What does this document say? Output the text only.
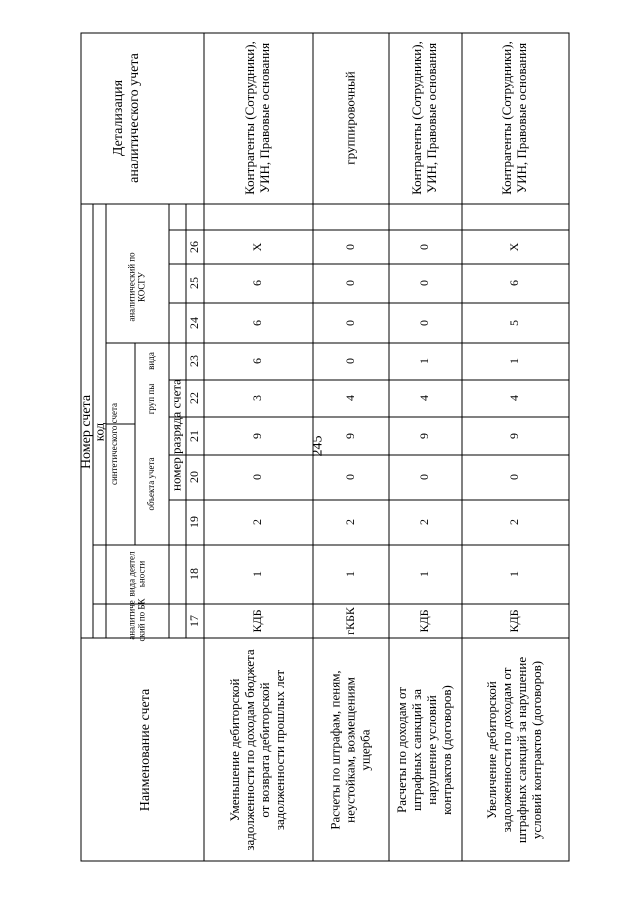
245
Наименование счета
Номер счета
код
аналитиче ский по БК
вида деятел ьности
синтетического счета	объекта учета
груп пы
вида
аналитический по КОСГУ
номер разряда счета
Детализация аналитического учета
17
18
19
20
21
22
23
24
25
26
Уменьшение дебиторской задолженности по доходам бюджета от возврата дебиторской задолженности прошлых лет
КДБ
1
2
0
9
3
6
6
6
Х
Контрагенты (Сотрудники), УИН, Правовые основания
Расчеты по штрафам, пеням, неустойкам, возмещениям ущерба
гКБК
1
2
0
9
4
0
0
0
0
группировочный
Расчеты по доходам от штрафных санкций за нарушение условий контрактов (договоров)
КДБ
1
2
0
9
4
1
0
0
0
Контрагенты (Сотрудники), УИН, Правовые основания
Увеличение дебиторской задолженности по доходам от штрафных санкций за нарушение условий контрактов (договоров)
КДБ
1
2
0
9
4
1
5
6
Х
Контрагенты (Сотрудники), УИН, Правовые основания
